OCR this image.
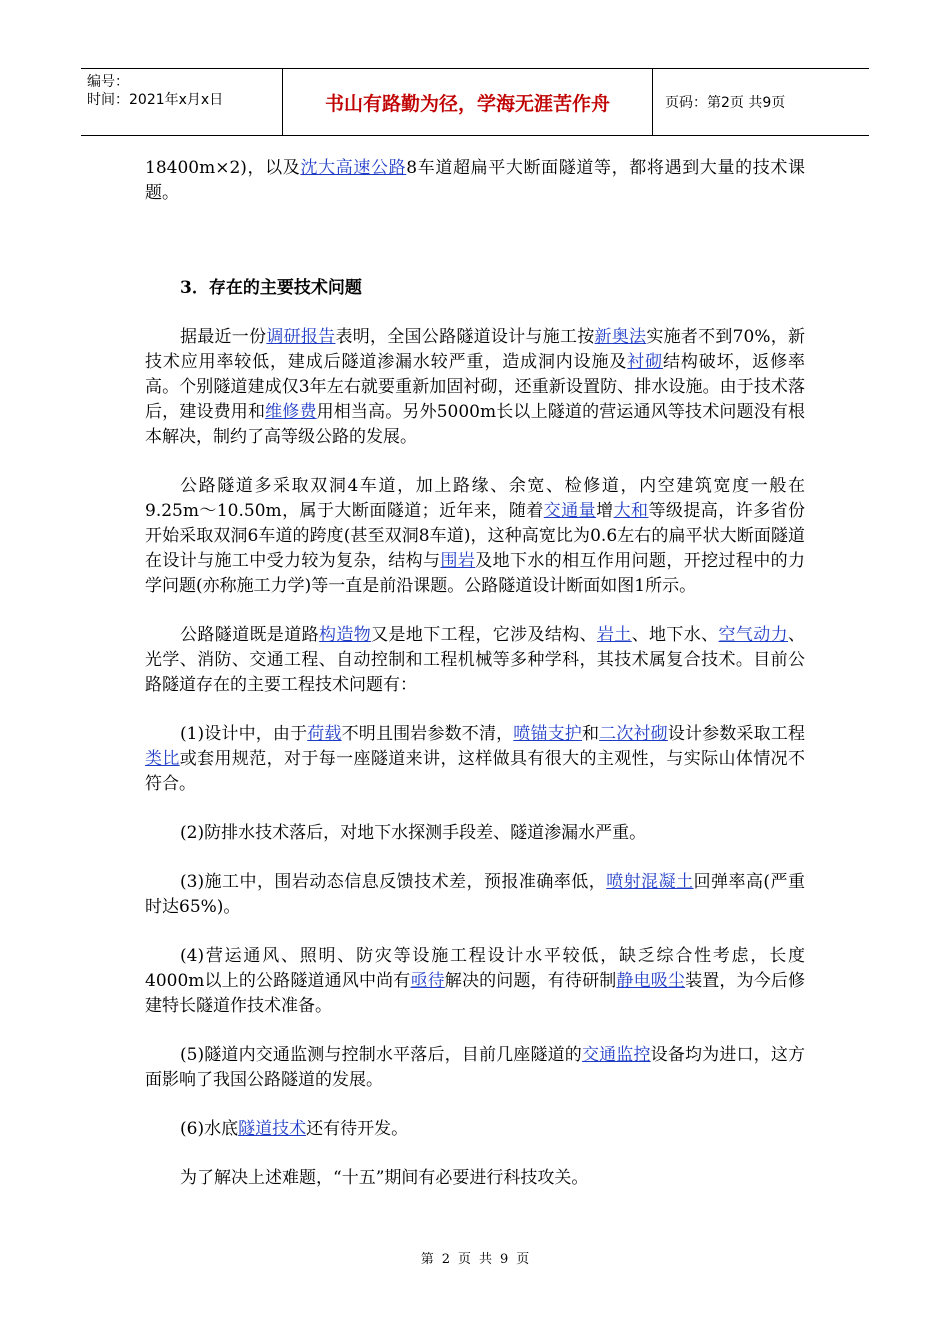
编号：
时间：2021年x月x日	书山有路勤为径，学海无涯苦作舟	页码：第2页 共9页

18400m×2)，以及沈大高速公路8车道超扁平大断面隧道等，都将遇到大量的技术课题。

3．存在的主要技术问题

据最近一份调研报告表明，全国公路隧道设计与施工按新奥法实施者不到70%，新技术应用率较低，建成后隧道渗漏水较严重，造成洞内设施及衬砌结构破坏，返修率高。个别隧道建成仅3年左右就要重新加固衬砌，还重新设置防、排水设施。由于技术落后，建设费用和维修费用相当高。另外5000m长以上隧道的营运通风等技术问题没有根本解决，制约了高等级公路的发展。

公路隧道多采取双洞4车道，加上路缘、余宽、检修道，内空建筑宽度一般在9.25m～10.50m，属于大断面隧道；近年来，随着交通量增大和等级提高，许多省份开始采取双洞6车道的跨度(甚至双洞8车道)，这种高宽比为0.6左右的扁平状大断面隧道在设计与施工中受力较为复杂，结构与围岩及地下水的相互作用问题，开挖过程中的力学问题(亦称施工力学)等一直是前沿课题。公路隧道设计断面如图1所示。

公路隧道既是道路构造物又是地下工程，它涉及结构、岩土、地下水、空气动力、光学、消防、交通工程、自动控制和工程机械等多种学科，其技术属复合技术。目前公路隧道存在的主要工程技术问题有：

(1)设计中，由于荷载不明且围岩参数不清，喷锚支护和二次衬砌设计参数采取工程类比或套用规范，对于每一座隧道来讲，这样做具有很大的主观性，与实际山体情况不符合。

(2)防排水技术落后，对地下水探测手段差、隧道渗漏水严重。

(3)施工中，围岩动态信息反馈技术差，预报准确率低，喷射混凝土回弹率高(严重时达65%)。

(4)营运通风、照明、防灾等设施工程设计水平较低，缺乏综合性考虑，长度4000m以上的公路隧道通风中尚有亟待解决的问题，有待研制静电吸尘装置，为今后修建特长隧道作技术准备。

(5)隧道内交通监测与控制水平落后，目前几座隧道的交通监控设备均为进口，这方面影响了我国公路隧道的发展。

(6)水底隧道技术还有待开发。

为了解决上述难题，“十五”期间有必要进行科技攻关。

第 2 页 共 9 页
